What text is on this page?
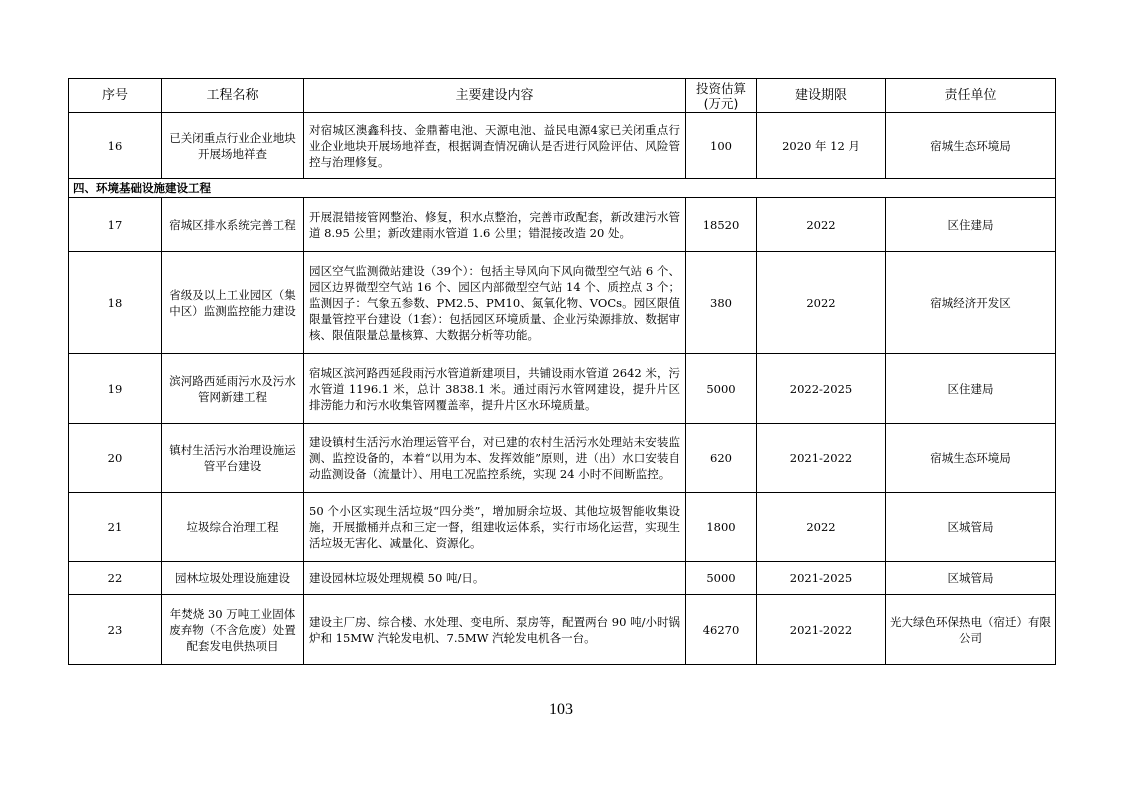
序号	工程名称	主要建设内容	投资估算(万元)	建设期限	责任单位
16	已关闭重点行业企业地块开展场地祥查	对宿城区澳鑫科技、金鼎蓄电池、天源电池、益民电源4家已关闭重点行业企业地块开展场地祥查，根据调查情况确认是否进行风险评估、风险管控与治理修复。	100	2020 年 12 月	宿城生态环境局
四、环境基础设施建设工程					
17	宿城区排水系统完善工程	开展混错接管网整治、修复，积水点整治，完善市政配套，新改建污水管道 8.95 公里；新改建雨水管道 1.6 公里；错混接改造 20 处。	18520	2022	区住建局
18	省级及以上工业园区（集中区）监测监控能力建设	园区空气监测微站建设（39个）：包括主导风向下风向微型空气站 6 个、园区边界微型空气站 16 个、园区内部微型空气站 14 个、质控点 3 个；监测因子：气象五参数、PM2.5、PM10、氮氧化物、VOCs。园区限值限量管控平台建设（1套）：包括园区环境质量、企业污染源排放、数据审核、限值限量总量核算、大数据分析等功能。	380	2022	宿城经济开发区
19	滨河路西延雨污水及污水管网新建工程	宿城区滨河路西延段雨污水管道新建项目，共铺设雨水管道 2642 米，污水管道 1196.1 米，总计 3838.1 米。通过雨污水管网建设，提升片区排涝能力和污水收集管网覆盖率，提升片区水环境质量。	5000	2022-2025	区住建局
20	镇村生活污水治理设施运管平台建设	建设镇村生活污水治理运管平台，对已建的农村生活污水处理站未安装监测、监控设备的，本着“以用为本、发挥效能”原则，进（出）水口安装自动监测设备（流量计）、用电工况监控系统，实现 24 小时不间断监控。	620	2021-2022	宿城生态环境局
21	垃圾综合治理工程	50 个小区实现生活垃圾“四分类”，增加厨余垃圾、其他垃圾智能收集设施，开展撤桶并点和三定一督，组建收运体系，实行市场化运营，实现生活垃圾无害化、减量化、资源化。	1800	2022	区城管局
22	园林垃圾处理设施建设	建设园林垃圾处理规模 50 吨/日。	5000	2021-2025	区城管局
23	年焚烧 30 万吨工业固体废弃物（不含危废）处置配套发电供热项目	建设主厂房、综合楼、水处理、变电所、泵房等，配置两台 90 吨/小时锅炉和 15MW 汽轮发电机、7.5MW 汽轮发电机各一台。	46270	2021-2022	光大绿色环保热电（宿迁）有限公司
103
